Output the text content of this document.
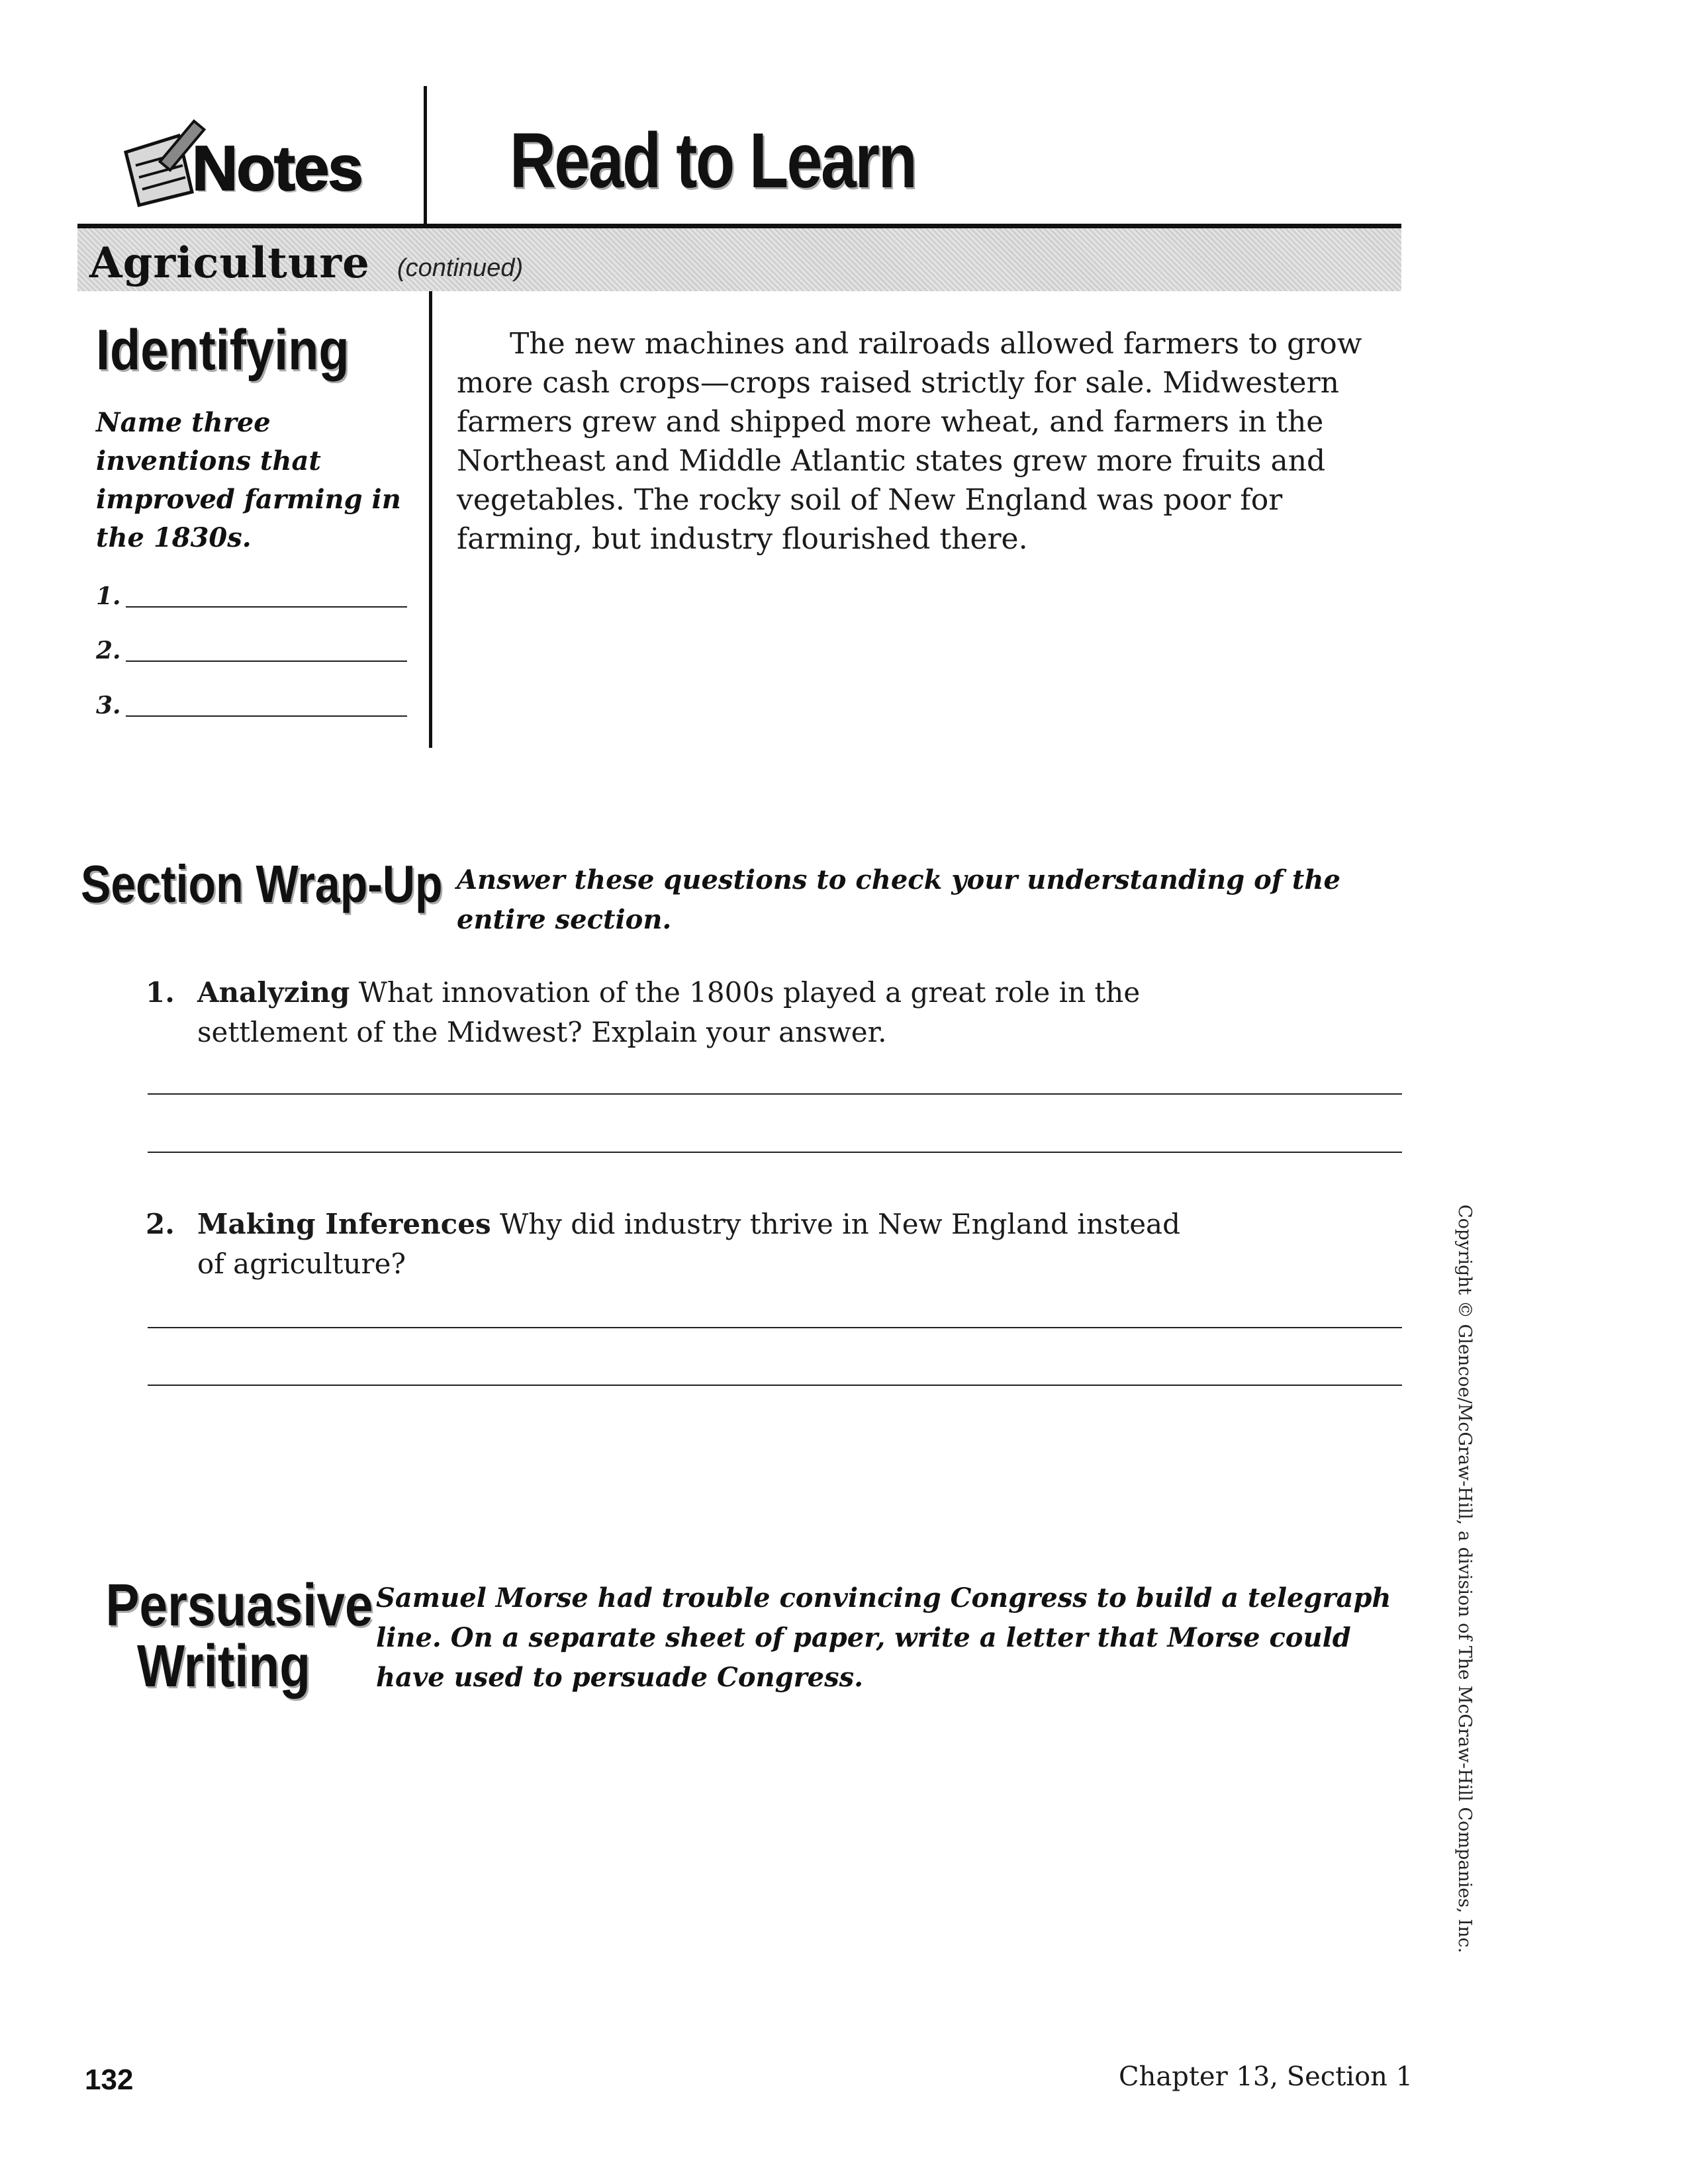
Notes Read to Learn
Agriculture (continued)
Identifying
Name three inventions that improved farming in the 1830s.
1.
2.
3.
The new machines and railroads allowed farmers to grow more cash crops—crops raised strictly for sale. Midwestern farmers grew and shipped more wheat, and farmers in the Northeast and Middle Atlantic states grew more fruits and vegetables. The rocky soil of New England was poor for farming, but industry flourished there.
Section Wrap-Up Answer these questions to check your understanding of the entire section.
1. Analyzing What innovation of the 1800s played a great role in the settlement of the Midwest? Explain your answer.
2. Making Inferences Why did industry thrive in New England instead of agriculture?
Persuasive
Writing
Samuel Morse had trouble convincing Congress to build a telegraph line. On a separate sheet of paper, write a letter that Morse could have used to persuade Congress.	Copyright © Glencoe/McGraw-Hill, a division of The McGraw-Hill Companies, Inc.
132	Chapter 13, Section 1
